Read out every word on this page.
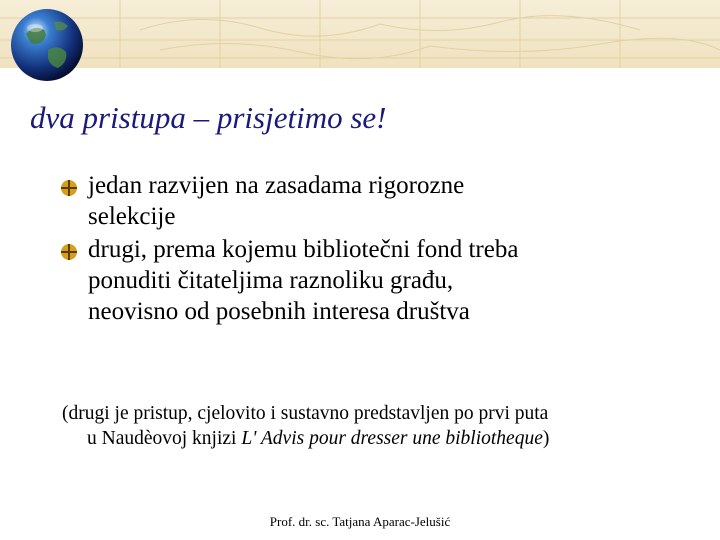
dva pristupa – prisjetimo se!
jedan razvijen na zasadama rigorozne
selekcije
drugi, prema kojemu bibliotečni fond treba
ponuditi čitateljima raznoliku građu,
neovisno od posebnih interesa društva
(drugi je pristup, cjelovito i sustavno predstavljen po prvi puta
u Naudèovoj knjizi L' Advis pour dresser une bibliotheque)
Prof. dr. sc. Tatjana Aparac-Jelušić
